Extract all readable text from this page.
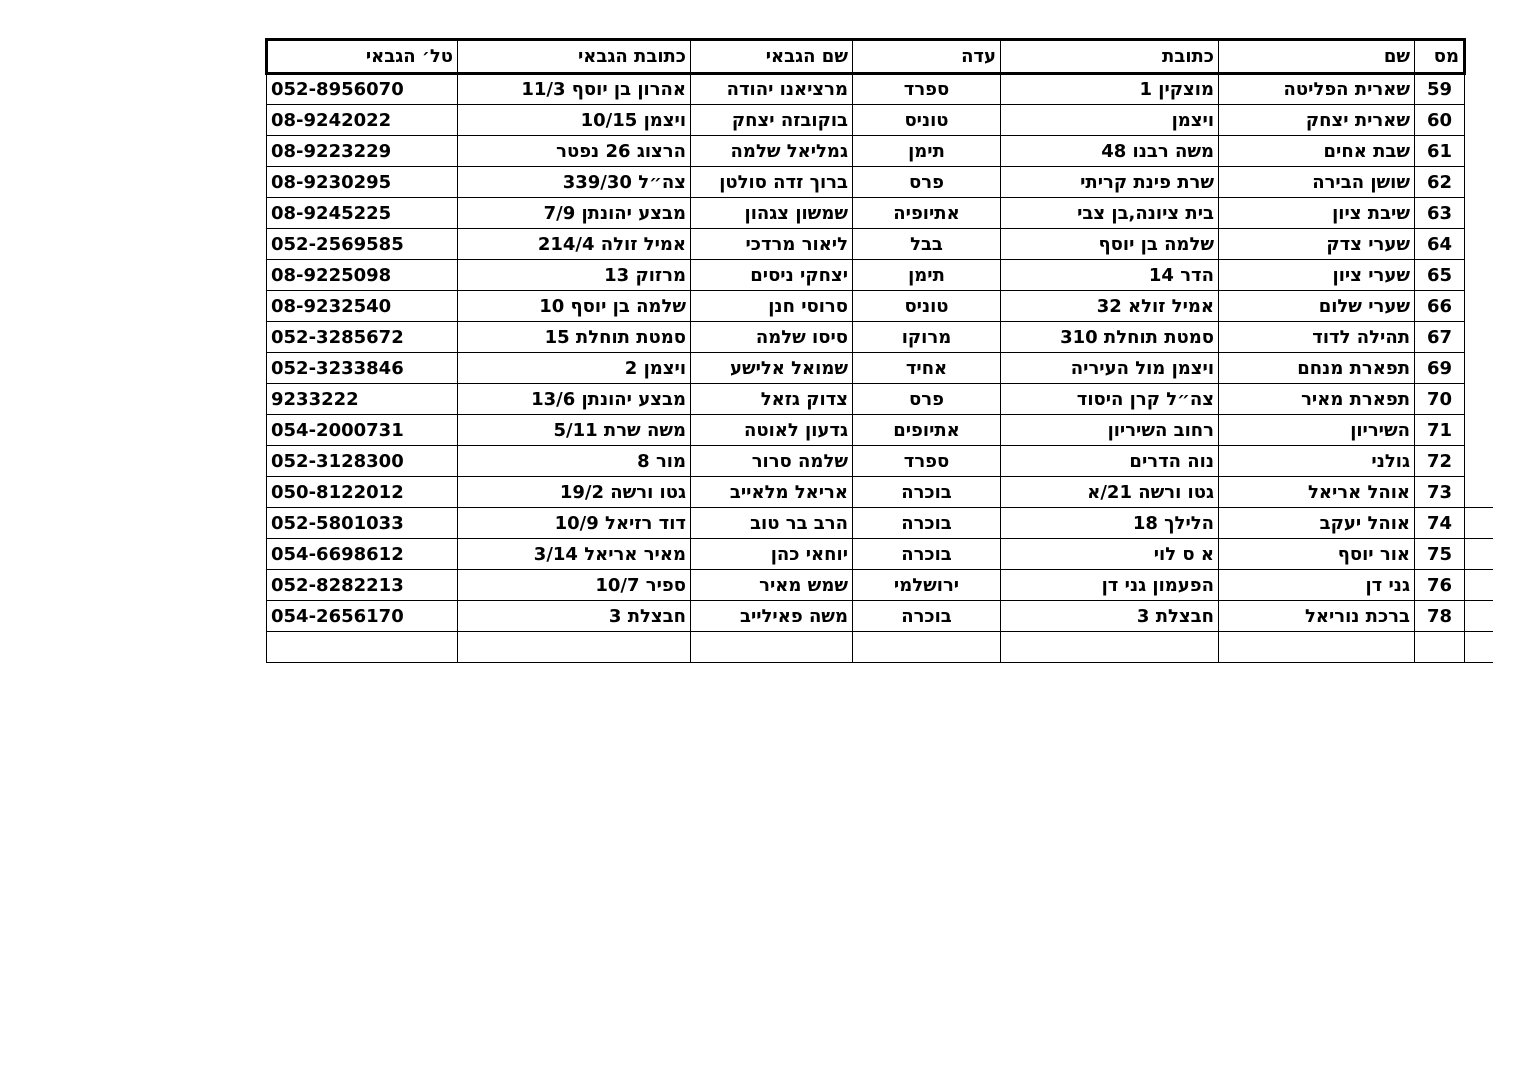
	מס	שם	כתובת	עדה	שם הגבאי	כתובת הגבאי	טל׳ הגבאי
	59	שארית הפליטה	מוצקין 1	ספרד	מרציאנו יהודה	אהרון בן יוסף 11/3	052-8956070
	60	שארית יצחק	ויצמן	טוניס	בוקובזה יצחק	ויצמן 10/15	08-9242022
	61	שבת אחים	משה רבנו 48	תימן	גמליאל שלמה	הרצוג 26 נפטר	08-9223229
	62	שושן הבירה	שרת פינת קריתי	פרס	ברוך זדה סולטן	צה״ל 339/30	08-9230295
	63	שיבת ציון	בית ציונה,בן צבי	אתיופיה	שמשון צגהון	מבצע יהונתן 7/9	08-9245225
	64	שערי צדק	שלמה בן יוסף	בבל	ליאור מרדכי	אמיל זולה 214/4	052-2569585
	65	שערי ציון	הדר 14	תימן	יצחקי ניסים	מרזוק 13	08-9225098
	66	שערי שלום	אמיל זולא 32	טוניס	סרוסי חנן	שלמה בן יוסף 10	08-9232540
	67	תהילה לדוד	סמטת תוחלת 310	מרוקו	סיסו שלמה	סמטת תוחלת 15	052-3285672
	69	תפארת מנחם	ויצמן מול העיריה	אחיד	שמואל אלישע	ויצמן 2	052-3233846
	70	תפארת מאיר	צה״ל קרן היסוד	פרס	צדוק גזאל	מבצע יהונתן 13/6	9233222
	71	השיריון	רחוב השיריון	אתיופים	גדעון לאוטה	משה שרת 5/11	054-2000731
	72	גולני	נוה הדרים	ספרד	שלמה סרור	מור 8	052-3128300
	73	אוהל אריאל	גטו ורשה 21/א	בוכרה	אריאל מלאייב	גטו ורשה 19/2	050-8122012
	74	אוהל יעקב	הלילך 18	בוכרה	הרב בר טוב	דוד רזיאל 10/9	052-5801033
	75	אור יוסף	א ס לוי	בוכרה	יוחאי כהן	מאיר אריאל 3/14	054-6698612
	76	גני דן	הפעמון גני דן	ירושלמי	שמש מאיר	ספיר 10/7	052-8282213
	78	ברכת נוריאל	חבצלת 3	בוכרה	משה פאילייב	חבצלת 3	054-2656170
